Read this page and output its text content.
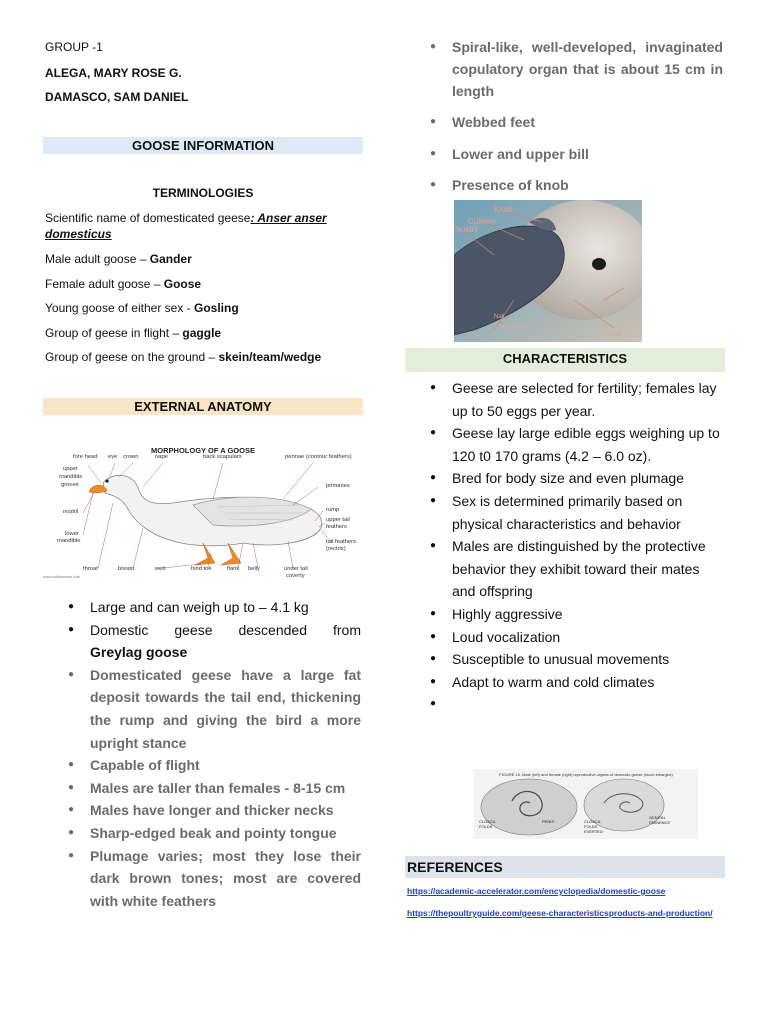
GROUP -1
ALEGA, MARY ROSE G.
DAMASCO, SAM DANIEL
GOOSE INFORMATION
TERMINOLOGIES
Scientific name of domesticated geese: Anser anser
domesticus
Male adult goose – Gander
Female adult goose – Goose
Young goose of either sex - Gosling
Group of geese in flight – gaggle
Group of geese on the ground – skein/team/wedge
EXTERNAL ANATOMY
MORPHOLOGY OF A GOOSE
fore head eye crown	nape	back scapulars	pennae (contour feathers)
upper
mandible
groove	primaries
nostril	rump
upper tail
feathers
lower
mandible	tail feathers
(rectrix)
throat	breast	web	hind toe	flank belly	under tail
coverty
www.cafimoraud.info
● Large and can weigh up to – 4.1 kg
● Domestic geese descended from
Greylag goose
● Domesticated geese have a large fat deposit towards the tail end, thickening the rump and giving the bird a more upright stance
● Capable of flight
● Males are taller than females - 8-15 cm
● Males have longer and thicker necks
● Sharp-edged beak and pointy tongue
● Plumage varies; most they lose their dark brown tones; most are covered with white feathers
● Spiral-like, well-developed, invaginated copulatory organ that is about 15 cm in length
● Webbed feet
● Lower and upper bill
● Presence of knob
Knob
Culmen
Nostril
Nail
Lamellae
Cheek
CHARACTERISTICS
● Geese are selected for fertility; females lay up to 50 eggs per year.
● Geese lay large edible eggs weighing up to 120 t0 170 grams (4.2 – 6.0 oz).
● Bred for body size and even plumage
● Sex is determined primarily based on physical characteristics and behavior
● Males are distinguished by the protective behavior they exhibit toward their mates and offspring
● Highly aggressive
● Loud vocalization
● Susceptible to unusual movements
● Adapt to warm and cold climates
●
FIGURE 15. Male (left) and female (right) reproductive organs of domestic geese (much enlarged)
CLOACA
FOLDS
PENIS	CLOACA
FOLDS
EVERTED
GENITAL
EMINENCE
REFERENCES
https://academic-accelerator.com/encyclopedia/domestic-goose
https://thepoultryguide.com/geese-characteristicsproducts-and-production/
